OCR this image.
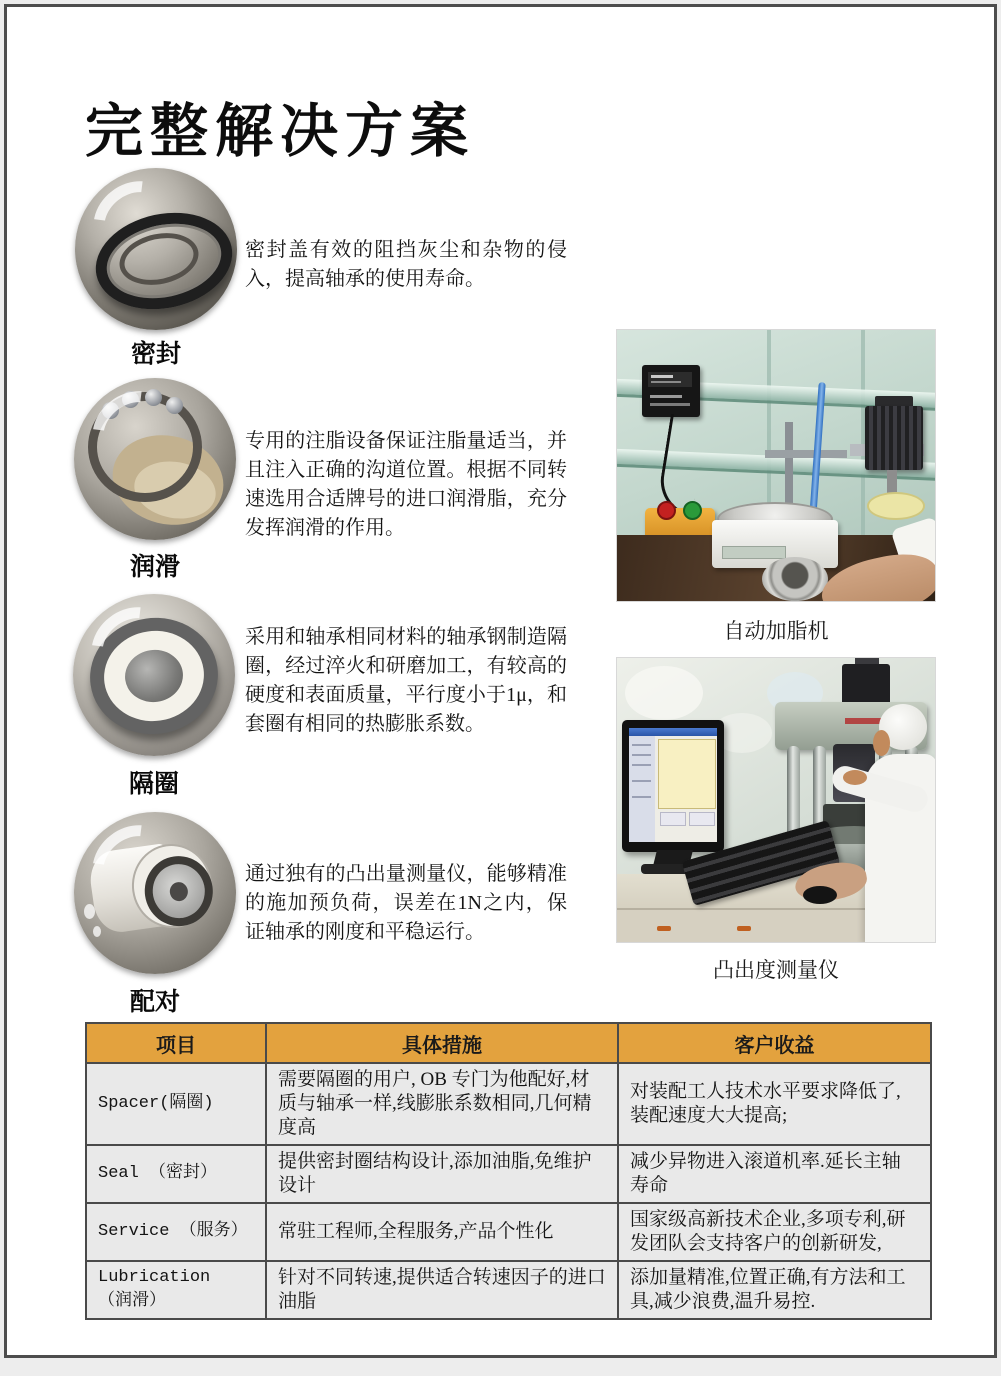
完整解决方案
密封
密封盖有效的阻挡灰尘和杂物的侵入，提高轴承的使用寿命。
润滑
专用的注脂设备保证注脂量适当，并且注入正确的沟道位置。根据不同转速选用合适牌号的进口润滑脂，充分发挥润滑的作用。
隔圈
采用和轴承相同材料的轴承钢制造隔圈，经过淬火和研磨加工，有较高的硬度和表面质量，平行度小于1μ，和套圈有相同的热膨胀系数。
配对
通过独有的凸出量测量仪，能够精准的施加预负荷，误差在1N之内，保证轴承的刚度和平稳运行。
自动加脂机
凸出度测量仪
项目	具体措施	客户收益
Spacer(隔圈)	需要隔圈的用户, OB 专门为他配好,材质与轴承一样,线膨胀系数相同,几何精度高	对装配工人技术水平要求降低了,装配速度大大提高;
Seal （密封）	提供密封圈结构设计,添加油脂,免维护设计	减少异物进入滚道机率.延长主轴寿命
Service （服务）	常驻工程师,全程服务,产品个性化	国家级高新技术企业,多项专利,研发团队会支持客户的创新研发,
Lubrication （润滑）	针对不同转速,提供适合转速因子的进口油脂	添加量精准,位置正确,有方法和工具,减少浪费,温升易控.
